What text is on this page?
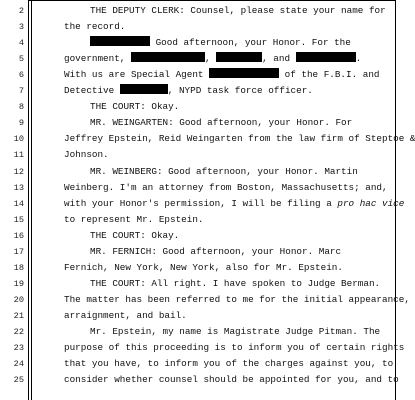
2	THE DEPUTY CLERK: Counsel, please state your name for
3	the record.
4	Good afternoon, your Honor. For the
5	government,	,	, and	.
6	With us are Special Agent	of the F.B.I. and
7	Detective	, NYPD task force officer.
8	THE COURT: Okay.
9	MR. WEINGARTEN: Good afternoon, your Honor. For
10	Jeffrey Epstein, Reid Weingarten from the law firm of Steptoe &
11	Johnson.
12	MR. WEINBERG: Good afternoon, your Honor. Martin
13	Weinberg. I'm an attorney from Boston, Massachusetts; and,
14	with your Honor's permission, I will be filing a pro hac vice
15	to represent Mr. Epstein.
16	THE COURT: Okay.
17	MR. FERNICH: Good afternoon, your Honor. Marc
18	Fernich, New York, New York, also for Mr. Epstein.
19	THE COURT: All right. I have spoken to Judge Berman.
20	The matter has been referred to me for the initial appearance,
21	arraignment, and bail.
22	Mr. Epstein, my name is Magistrate Judge Pitman. The
23	purpose of this proceeding is to inform you of certain rights
24	that you have, to inform you of the charges against you, to
25	consider whether counsel should be appointed for you, and to
